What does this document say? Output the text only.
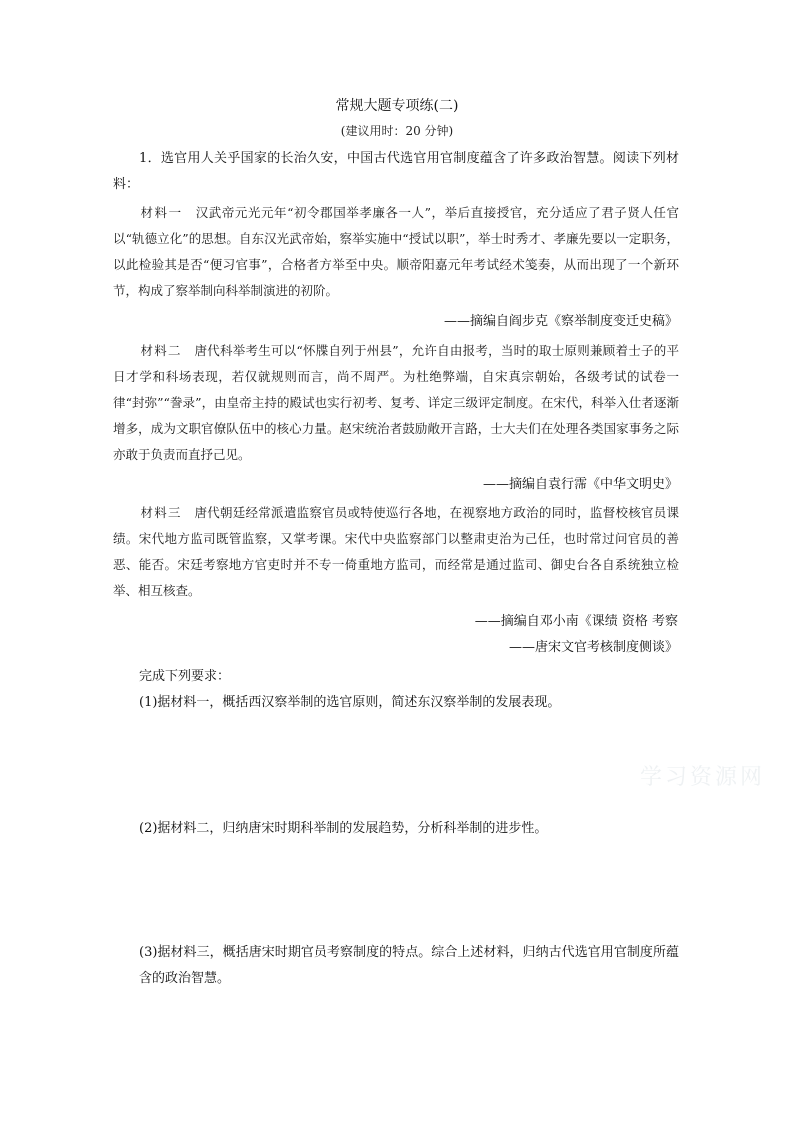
常规大题专项练(二)
(建议用时：20 分钟)
1．选官用人关乎国家的长治久安，中国古代选官用官制度蕴含了许多政治智慧。阅读下列材料：
材料一　 汉武帝元光元年“初令郡国举孝廉各一人”，举后直接授官，充分适应了君子贤人任官以“轨德立化”的思想。自东汉光武帝始，察举实施中“授试以职”，举士时秀才、孝廉先要以一定职务，以此检验其是否“便习官事”，合格者方举至中央。顺帝阳嘉元年考试经术笺奏，从而出现了一个新环节，构成了察举制向科举制演进的初阶。
——摘编自阎步克《察举制度变迁史稿》
材料二　 唐代科举考生可以“怀牒自列于州县”，允许自由报考，当时的取士原则兼顾着士子的平日才学和科场表现，若仅就规则而言，尚不周严。为杜绝弊端，自宋真宗朝始，各级考试的试卷一律“封弥”“誊录”，由皇帝主持的殿试也实行初考、复考、详定三级评定制度。在宋代，科举入仕者逐渐增多，成为文职官僚队伍中的核心力量。赵宋统治者鼓励敞开言路，士大夫们在处理各类国家事务之际亦敢于负责而直抒己见。
——摘编自袁行霈《中华文明史》
材料三　 唐代朝廷经常派遣监察官员或特使巡行各地，在视察地方政治的同时，监督校核官员课绩。宋代地方监司既管监察，又掌考课。宋代中央监察部门以整肃吏治为己任，也时常过问官员的善恶、能否。宋廷考察地方官吏时并不专一倚重地方监司，而经常是通过监司、御史台各自系统独立检举、相互核查。
——摘编自邓小南《课绩 资格 考察
——唐宋文官考核制度侧谈》
完成下列要求：
(1)据材料一，概括西汉察举制的选官原则，简述东汉察举制的发展表现。
(2)据材料二，归纳唐宋时期科举制的发展趋势，分析科举制的进步性。
(3)据材料三，概括唐宋时期官员考察制度的特点。综合上述材料，归纳古代选官用官制度所蕴含的政治智慧。
学习资源网
